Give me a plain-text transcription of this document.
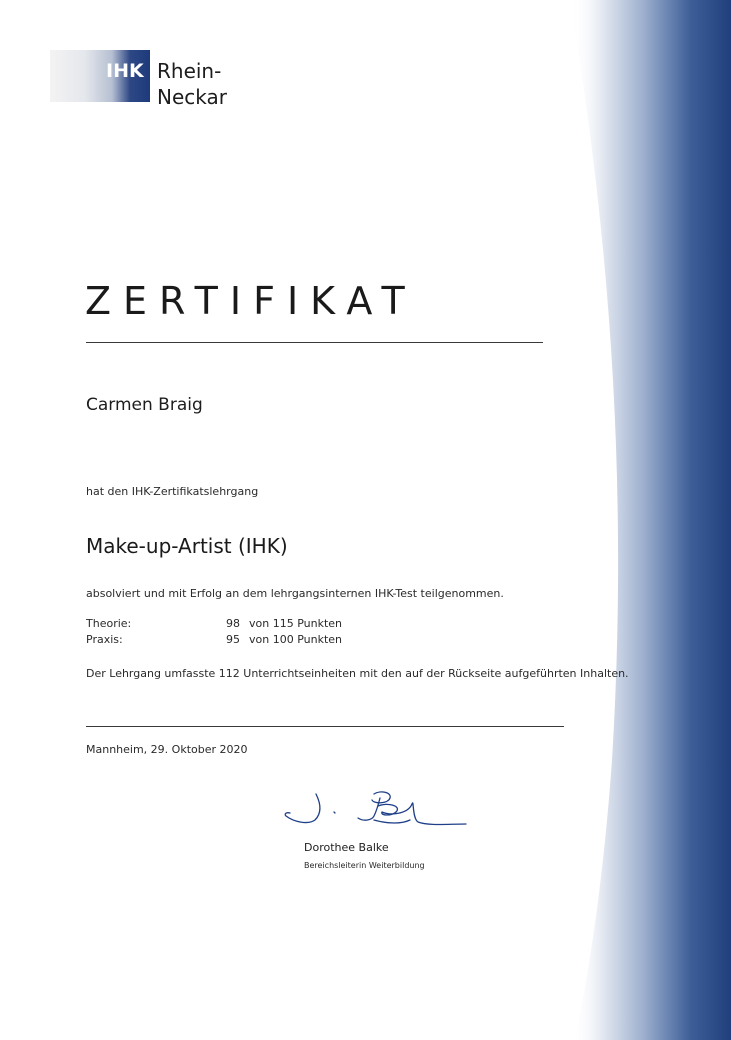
IHK Rhein-Neckar
ZERTIFIKAT
Carmen Braig
hat den IHK-Zertifikatslehrgang
Make-up-Artist (IHK)
absolviert und mit Erfolg an dem lehrgangsinternen IHK-Test teilgenommen.
Theorie:	98 von 115 Punkten
Praxis:	95 von 100 Punkten
Der Lehrgang umfasste 112 Unterrichtseinheiten mit den auf der Rückseite aufgeführten Inhalten.
Mannheim, 29. Oktober 2020
Dorothee Balke
Bereichsleiterin Weiterbildung
